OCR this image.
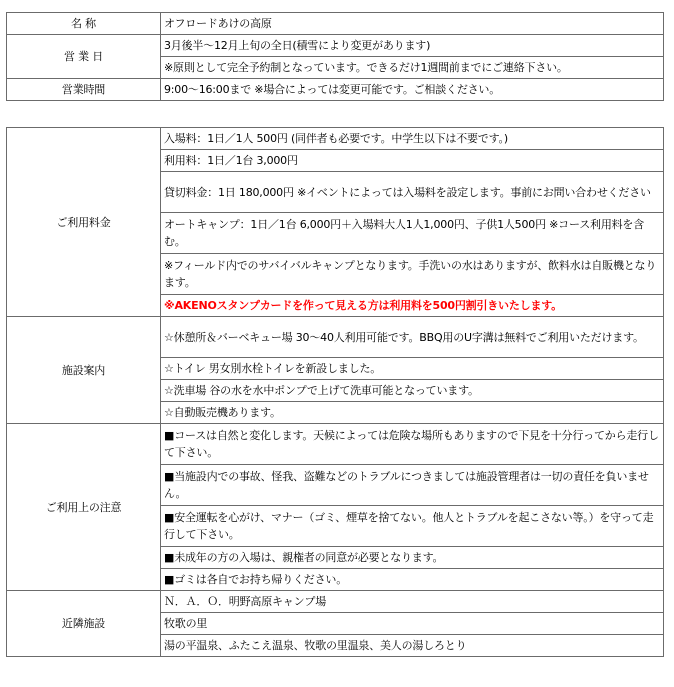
名 称	オフロードあけの高原
営 業 日	3月後半～12月上旬の全日(積雪により変更があります)
	※原則として完全予約制となっています。できるだけ1週間前までにご連絡下さい。
営業時間	9:00～16:00まで ※場合によっては変更可能です。ご相談ください。
ご利用料金	入場料：1日／1人 500円 (同伴者も必要です。中学生以下は不要です。)
	利用料：1日／1台 3,000円
	貸切料金：1日 180,000円 ※イベントによっては入場料を設定します。事前にお問い合わせください
	オートキャンプ：1日／1台 6,000円＋入場料大人1人1,000円、子供1人500円 ※コース利用料を含む。
	※フィールド内でのサバイバルキャンプとなります。手洗いの水はありますが、飲料水は自販機となります。
	※AKENOスタンプカードを作って見える方は利用料を500円割引きいたします。
施設案内	☆休憩所＆バーベキュー場 30～40人利用可能です。BBQ用のU字溝は無料でご利用いただけます。
	☆トイレ 男女別水栓トイレを新設しました。
	☆洗車場 谷の水を水中ポンプで上げて洗車可能となっています。
	☆自動販売機あります。
ご利用上の注意	■コースは自然と変化します。天候によっては危険な場所もありますので下見を十分行ってから走行して下さい。
	■当施設内での事故、怪我、盗難などのトラブルにつきましては施設管理者は一切の責任を負いません。
	■安全運転を心がけ、マナー（ゴミ、煙草を捨てない。他人とトラブルを起こさない等。）を守って走行して下さい。
	■未成年の方の入場は、親権者の同意が必要となります。
	■ゴミは各自でお持ち帰りください。
近隣施設	Ｎ．Ａ．Ｏ．明野高原キャンプ場
	牧歌の里
	湯の平温泉、ふたこえ温泉、牧歌の里温泉、美人の湯しろとり
